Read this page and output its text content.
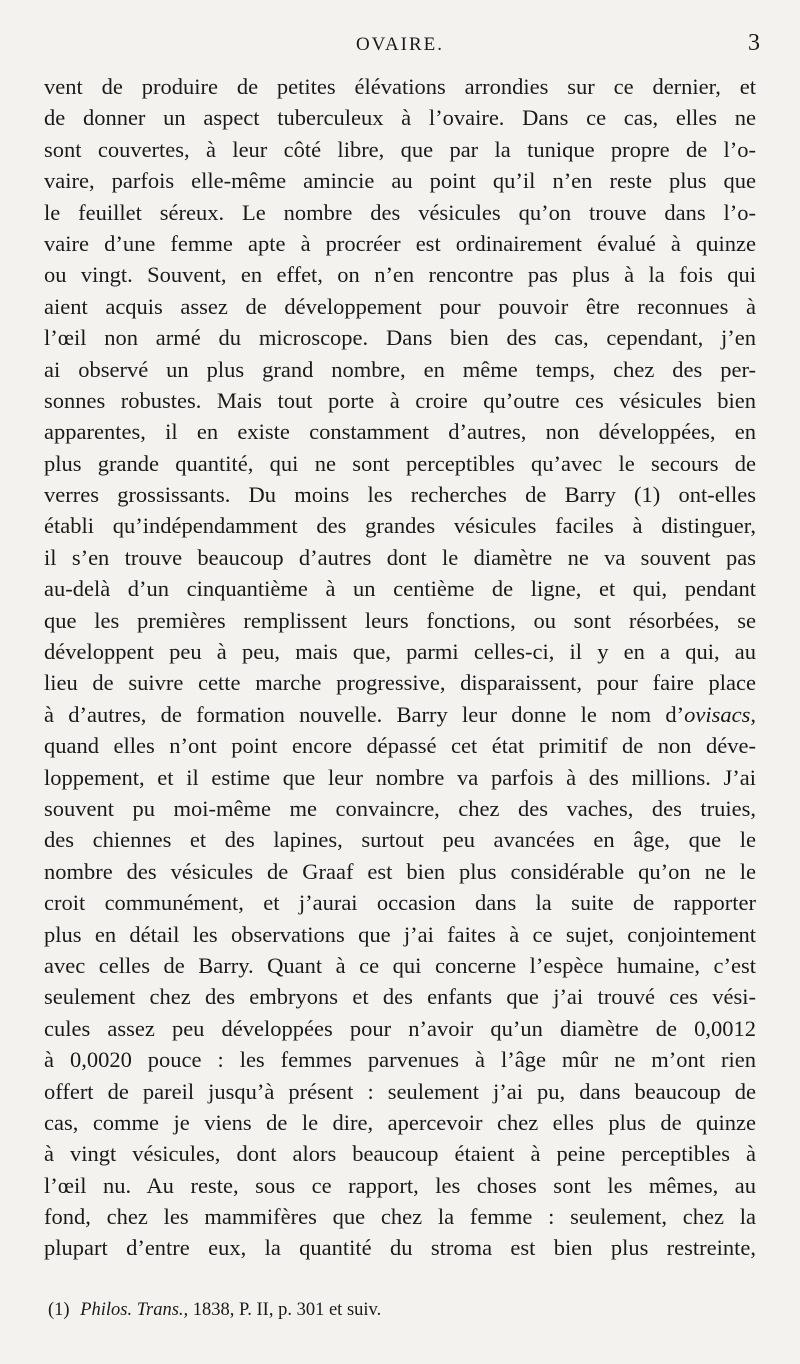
OVAIRE.	3
vent de produire de petites élévations arrondies sur ce dernier, et
de donner un aspect tuberculeux à l’ovaire. Dans ce cas, elles ne
sont couvertes, à leur côté libre, que par la tunique propre de l’o-
vaire, parfois elle-même amincie au point qu’il n’en reste plus que
le feuillet séreux. Le nombre des vésicules qu’on trouve dans l’o-
vaire d’une femme apte à procréer est ordinairement évalué à quinze
ou vingt. Souvent, en effet, on n’en rencontre pas plus à la fois qui
aient acquis assez de développement pour pouvoir être reconnues à
l’œil non armé du microscope. Dans bien des cas, cependant, j’en
ai observé un plus grand nombre, en même temps, chez des per-
sonnes robustes. Mais tout porte à croire qu’outre ces vésicules bien
apparentes, il en existe constamment d’autres, non développées, en
plus grande quantité, qui ne sont perceptibles qu’avec le secours de
verres grossissants. Du moins les recherches de Barry (1) ont-elles
établi qu’indépendamment des grandes vésicules faciles à distinguer,
il s’en trouve beaucoup d’autres dont le diamètre ne va souvent pas
au-delà d’un cinquantième à un centième de ligne, et qui, pendant
que les premières remplissent leurs fonctions, ou sont résorbées, se
développent peu à peu, mais que, parmi celles-ci, il y en a qui, au
lieu de suivre cette marche progressive, disparaissent, pour faire place
à d’autres, de formation nouvelle. Barry leur donne le nom d’ovisacs,
quand elles n’ont point encore dépassé cet état primitif de non déve-
loppement, et il estime que leur nombre va parfois à des millions. J’ai
souvent pu moi-même me convaincre, chez des vaches, des truies,
des chiennes et des lapines, surtout peu avancées en âge, que le
nombre des vésicules de Graaf est bien plus considérable qu’on ne le
croit communément, et j’aurai occasion dans la suite de rapporter
plus en détail les observations que j’ai faites à ce sujet, conjointement
avec celles de Barry. Quant à ce qui concerne l’espèce humaine, c’est
seulement chez des embryons et des enfants que j’ai trouvé ces vési-
cules assez peu développées pour n’avoir qu’un diamètre de 0,0012
à 0,0020 pouce : les femmes parvenues à l’âge mûr ne m’ont rien
offert de pareil jusqu’à présent : seulement j’ai pu, dans beaucoup de
cas, comme je viens de le dire, apercevoir chez elles plus de quinze
à vingt vésicules, dont alors beaucoup étaient à peine perceptibles à
l’œil nu. Au reste, sous ce rapport, les choses sont les mêmes, au
fond, chez les mammifères que chez la femme : seulement, chez la
plupart d’entre eux, la quantité du stroma est bien plus restreinte,
(1) Philos. Trans., 1838, P. II, p. 301 et suiv.
